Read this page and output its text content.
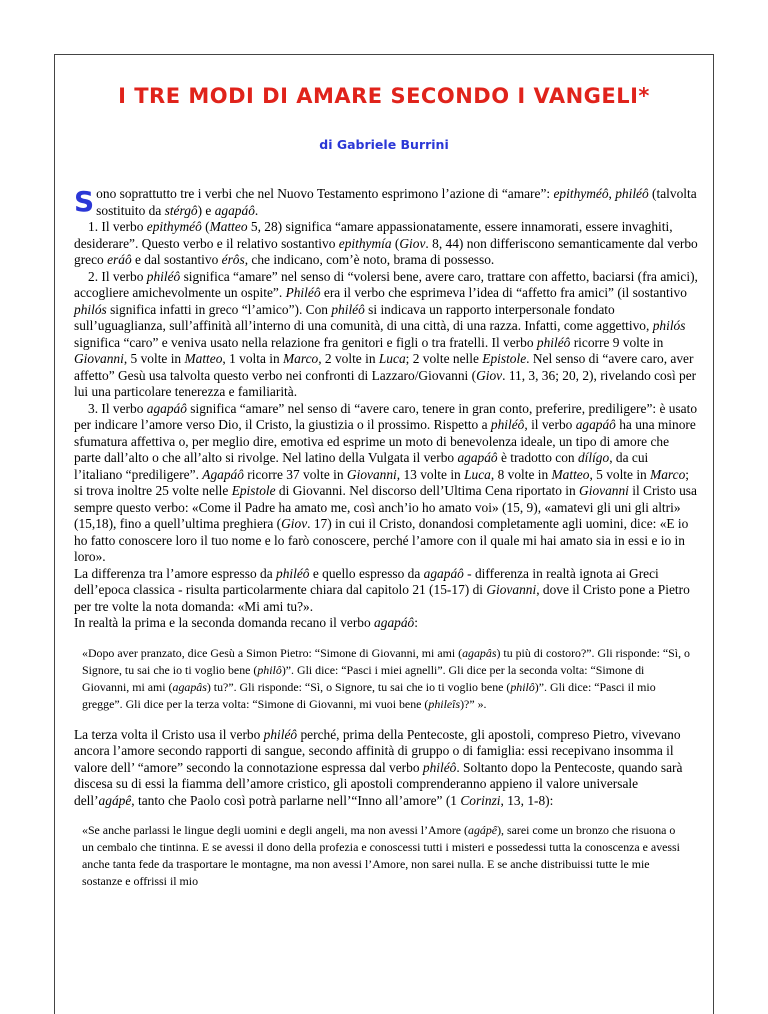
I TRE MODI DI AMARE SECONDO I VANGELI*
di Gabriele Burrini

Sono soprattutto tre i verbi che nel Nuovo Testamento esprimono l’azione di “amare”: epithyméô, philéô (talvolta sostituito da stérgô) e agapáô.

1. Il verbo epithyméô (Matteo 5, 28) significa “amare appassionatamente, essere innamorati, essere invaghiti, desiderare”. Questo verbo e il relativo sostantivo epithymía (Giov. 8, 44) non differiscono semanticamente dal verbo greco eráô e dal sostantivo érôs, che indicano, com’è noto, brama di possesso.

2. Il verbo philéô significa “amare” nel senso di “volersi bene, avere caro, trattare con affetto, baciarsi (fra amici), accogliere amichevolmente un ospite”. Philéô era il verbo che esprimeva l’idea di “affetto fra amici” (il sostantivo philós significa infatti in greco “l’amico”). Con philéô si indicava un rapporto interpersonale fondato sull’uguaglianza, sull’affinità all’interno di una comunità, di una città, di una razza. Infatti, come aggettivo, philós significa “caro” e veniva usato nella relazione fra genitori e figli o tra fratelli. Il verbo philéô ricorre 9 volte in Giovanni, 5 volte in Matteo, 1 volta in Marco, 2 volte in Luca; 2 volte nelle Epistole. Nel senso di “avere caro, aver affetto” Gesù usa talvolta questo verbo nei confronti di Lazzaro/Giovanni (Giov. 11, 3, 36; 20, 2), rivelando così per lui una particolare tenerezza e familiarità.

3. Il verbo agapáô significa “amare” nel senso di “avere caro, tenere in gran conto, preferire, prediligere”: è usato per indicare l’amore verso Dio, il Cristo, la giustizia o il prossimo. Rispetto a philéô, il verbo agapáô ha una minore sfumatura affettiva o, per meglio dire, emotiva ed esprime un moto di benevolenza ideale, un tipo di amore che parte dall’alto o che all’alto si rivolge. Nel latino della Vulgata il verbo agapáô è tradotto con dílígo, da cui l’italiano “prediligere”. Agapáô ricorre 37 volte in Giovanni, 13 volte in Luca, 8 volte in Matteo, 5 volte in Marco; si trova inoltre 25 volte nelle Epistole di Giovanni. Nel discorso dell’Ultima Cena riportato in Giovanni il Cristo usa sempre questo verbo: «Come il Padre ha amato me, così anch’io ho amato voi» (15, 9), «amatevi gli uni gli altri» (15,18), fino a quell’ultima preghiera (Giov. 17) in cui il Cristo, donandosi completamente agli uomini, dice: «E io ho fatto conoscere loro il tuo nome e lo farò conoscere, perché l’amore con il quale mi hai amato sia in essi e io in loro».

La differenza tra l’amore espresso da philéô e quello espresso da agapáô - differenza in realtà ignota ai Greci dell’epoca classica - risulta particolarmente chiara dal capitolo 21 (15-17) di Giovanni, dove il Cristo pone a Pietro per tre volte la nota domanda: «Mi ami tu?».

In realtà la prima e la seconda domanda recano il verbo agapáô:

«Dopo aver pranzato, dice Gesù a Simon Pietro: “Simone di Giovanni, mi ami (agapâs) tu più di costoro?”. Gli risponde: “Sì, o Signore, tu sai che io ti voglio bene (philô)”. Gli dice: “Pasci i miei agnelli”. Gli dice per la seconda volta: “Simone di Giovanni, mi ami (agapâs) tu?”. Gli risponde: “Sì, o Signore, tu sai che io ti voglio bene (philô)”. Gli dice: “Pasci il mio gregge”. Gli dice per la terza volta: “Simone di Giovanni, mi vuoi bene (phileîs)?” ».

La terza volta il Cristo usa il verbo philéô perché, prima della Pentecoste, gli apostoli, compreso Pietro, vivevano ancora l’amore secondo rapporti di sangue, secondo affinità di gruppo o di famiglia: essi recepivano insomma il valore dell’ “amore” secondo la connotazione espressa dal verbo philéô. Soltanto dopo la Pentecoste, quando sarà discesa su di essi la fiamma dell’amore cristico, gli apostoli comprenderanno appieno il valore universale dell’agápê, tanto che Paolo così potrà parlarne nell’“Inno all’amore” (1 Corinzi, 13, 1-8):

«Se anche parlassi le lingue degli uomini e degli angeli, ma non avessi l’Amore (agápê), sarei come un bronzo che risuona o un cembalo che tintinna. E se avessi il dono della profezia e conoscessi tutti i misteri e possedessi tutta la conoscenza e avessi anche tanta fede da trasportare le montagne, ma non avessi l’Amore, non sarei nulla. E se anche distribuissi tutte le mie sostanze e offrissi il mio
